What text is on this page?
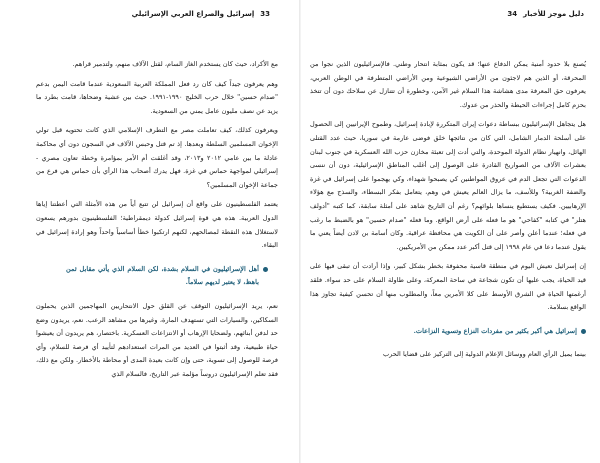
33
إسرائيل والصراع العربي الإسرائيلي

مع الأكراد، حيث كان يستخدم الغاز السام، لقتل الآلاف منهم، ولتدمير قراهم.

وهم يعرفون جيداً كيف كان رد فعل المملكة العربية السعودية عندما قامت اليمن بدعم "صدام حسين" خلال حرب الخليج ١٩٩٠-١٩٩١. حيث بين عشية وضحاها، قامت بطرد ما يزيد عن نصف مليون عامل يمني من السعودية.

ويعرفون كذلك، كيف تعاملت مصر مع التطرف الإسلامي الذي كانت تحتويه قبل تولي الإخوان المسلمين السلطة وبعدها. إذ تم قتل وحبس الآلاف في السجون دون أي محاكمة عادلة ما بين عامي ٢٠١٢ و٢٠١٣، وقد أغلقت أم الأمر بمؤامرة وخطة تعاون مصري - إسرائيلي لمواجهة حماس في غزة. فهل يدرك أصحاب هذا الرأي بأن حماس هي فرع من جماعة الإخوان المسلمين؟

يعتمد الفلسطينيون على واقع أن إسرائيل لن تتبع أياً من هذه الأمثلة التي أعطتنا إياها الدول العربية. هذه هي قوة إسرائيل كدولة ديمقراطية؛ الفلسطينيون بدورهم يسعون لاستغلال هذه النقطة لمصالحهم، لكنهم ارتكبوا خطأ أساسياً واحداً وهو إرادة إسرائيل في البقاء.

أهل الإسرائيليون في السلام بشدة، لكن السلام الذي يأتي مقابل ثمن باهظ، لا يعتبر لديهم سلاماً.

نعم، يريد الإسرائيليون التوقف عن القلق حول الانتحاريين المهاجمين الذين يحملون السكاكين، والسيارات التي تستهدف المارة، وغيرها من مشاهد الرعب. نعم، يريدون وضع حد لدفن أبنائهم، ولضحايا الإرهاب أو الانتزاعات العسكرية. باختصار، هم يريدون أن يعيشوا حياة طبيعية، وقد أثبتوا في العديد من المرات استعدادهم لتأييد أي فرصة للسلام، وأي فرصة للوصول إلى تسوية، حتى وإن كانت بعيدة المدى أو محاطة بالأخطار. ولكن مع ذلك، فقد تعلم الإسرائيليون دروساً مؤلمة عبر التاريخ، فالسلام الذي

دليل موجز للأخبار
34

يُصنع بلا حدود أمنية يمكن الدفاع عنها؛ قد يكون بمثابة انتحار وطني. فالإسرائيليون الذين نجوا من المحرقة، أو الذين هم لاجئون من الأراضي الشيوعية ومن الأراضي المتطرفة في الوطن العربي، يعرفون حق المعرفة مدى هشاشة هذا السلام غير الآمن، وخطورة أن تتنازل عن سلاحك دون أن تتخذ بحزم كامل إجراءات الحيطة والحذر من عدوك.

هل يتجاهل الإسرائيليون ببساطة دعوات إيران المتكررة لإبادة إسرائيل، وطموح الإيرانيين إلى الحصول على أسلحة الدمار الشامل، التي كان من نتائجها خلق فوضى عارمة في سوريا، حيث عدد القتلى الهائل، وانهيار نظام الدولة الموحدة، والتي أدت إلى تعبئة مخازن حزب الله العسكرية في جنوب لبنان بعشرات الآلاف من الصواريخ القادرة على الوصول إلى أغلب المناطق الإسرائيلية، دون أن ننسى الدعوات التي تجعل الدم في عروق المواطنين كي يصبحوا شهداء، وكي يهجموا على إسرائيل في غزة والضفة الغربية؟ وللأسف، ما يزال العالم يعيش في وهم، يتعامل بفكر البسطاء، والسذج مع هؤلاء الإرهابيين. فكيف يستطيع ينساها بلوائهم؟ رغم أن التاريخ شاهد على أمثلة سابقة، كما كتبه "أدولف هتلر" في كتابه "كفاحي" هو ما فعله على أرض الواقع. وما فعله "صدام حسين" هو بالضبط ما رغب في فعله؛ عندما أعلن وأصر على أن الكويت هي محافظة عراقية. وكان أسامة بن لادن أيضاً يعني ما يقول عندما دعا في عام ١٩٩٨ إلى قتل أكبر عدد ممكن من الأمريكيين.

إن إسرائيل تعيش اليوم في منطقة قاسية محفوفة بخطر بشكل كبير، وإذا أرادت أن تبقى فيها على قيد الحياة، يجب عليها أن تكون شجاعة في ساحة المعركة، وعلى طاولة السلام على حد سواء. فلقد أرغمتها الحياة في الشرق الأوسط على كلا الأمرين معاً، والمطلوب منها أن تحسن كيفية تجاوز هذا الواقع بسلامة.

إسرائيل هي أكبر بكثير من مفردات النزاع وتسوية النزاعات.

بينما يميل الرأي العام ووسائل الإعلام الدولية إلى التركيز على قضايا الحرب
